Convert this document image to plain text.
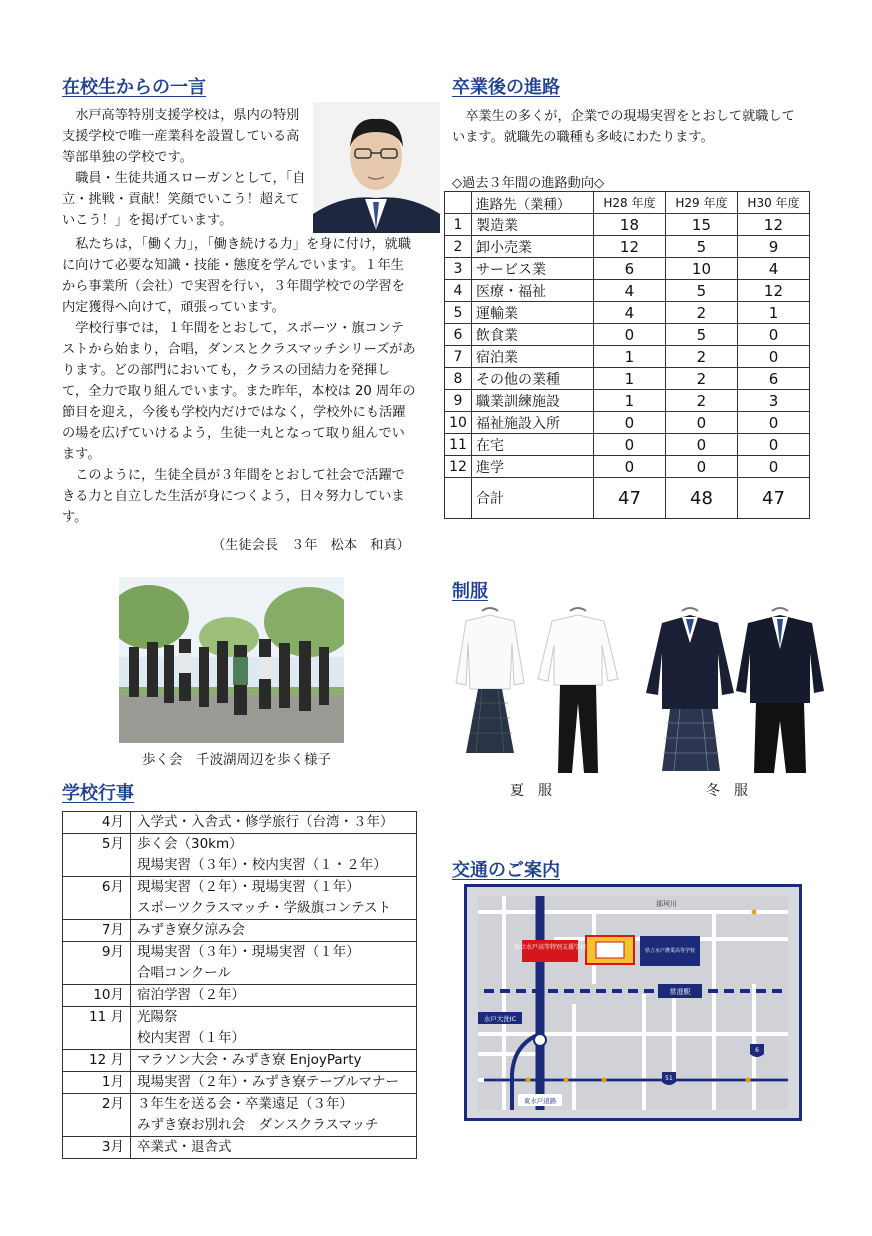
在校生からの一言

水戸高等特別支援学校は，県内の特別支援学校で唯一産業科を設置している高等部単独の学校です。

職員・生徒共通スローガンとして，「自立・挑戦・貢献！笑顔でいこう！超えていこう！」を掲げています。

私たちは，「働く力」，「働き続ける力」を身に付け，就職に向けて必要な知識・技能・態度を学んでいます。１年生から事業所（会社）で実習を行い，３年間学校での学習を内定獲得へ向けて，頑張っています。

学校行事では，１年間をとおして，スポーツ・旗コンテストから始まり，合唱，ダンスとクラスマッチシリーズがあります。どの部門においても，クラスの団結力を発揮して，全力で取り組んでいます。また昨年，本校は 20 周年の節目を迎え，今後も学校内だけではなく，学校外にも活躍の場を広げていけるよう，生徒一丸となって取り組んでいます。

このように，生徒全員が３年間をとおして社会で活躍できる力と自立した生活が身につくよう，日々努力しています。

（生徒会長　３年　松本　和真）
歩く会　千波湖周辺を歩く様子
学校行事
4月	入学式・入舎式・修学旅行（台湾・３年）

5月	歩く会（30km）
現場実習（３年）・校内実習（１・２年）

6月	現場実習（２年）・現場実習（１年）
スポーツクラスマッチ・学級旗コンテスト

7月	みずき寮夕涼み会

9月	現場実習（３年）・現場実習（１年）
合唱コンクール

10月	宿泊学習（２年）

11 月	光陽祭
校内実習（１年）

12 月	マラソン大会・みずき寮 EnjoyParty

1月	現場実習（２年）・みずき寮テーブルマナー

2月	３年生を送る会・卒業遠足（３年）
みずき寮お別れ会　ダンスクラスマッチ

3月	卒業式・退舎式
卒業後の進路

卒業生の多くが，企業での現場実習をとおして就職しています。就職先の職種も多岐にわたります。

◇過去３年間の進路動向◇
	進路先（業種）	H28 年度	H29 年度	H30 年度
1	製造業	18	15	12
2	卸小売業	12	5	9
3	サービス業	6	10	4
4	医療・福祉	4	5	12
5	運輸業	4	2	1
6	飲食業	0	5	0
7	宿泊業	1	2	0
8	その他の業種	1	2	6
9	職業訓練施設	1	2	3
10	福祉施設入所	0	0	0
11	在宅	0	0	0
12	進学	0	0	0
	合計	47	48	47
制服
夏　服	冬　服
交通のご案内
県立水戸高等特別支援学校	県立水戸農業高等学校
那珂川
常澄駅
水戸大洗IC
東水戸道路
51
6
